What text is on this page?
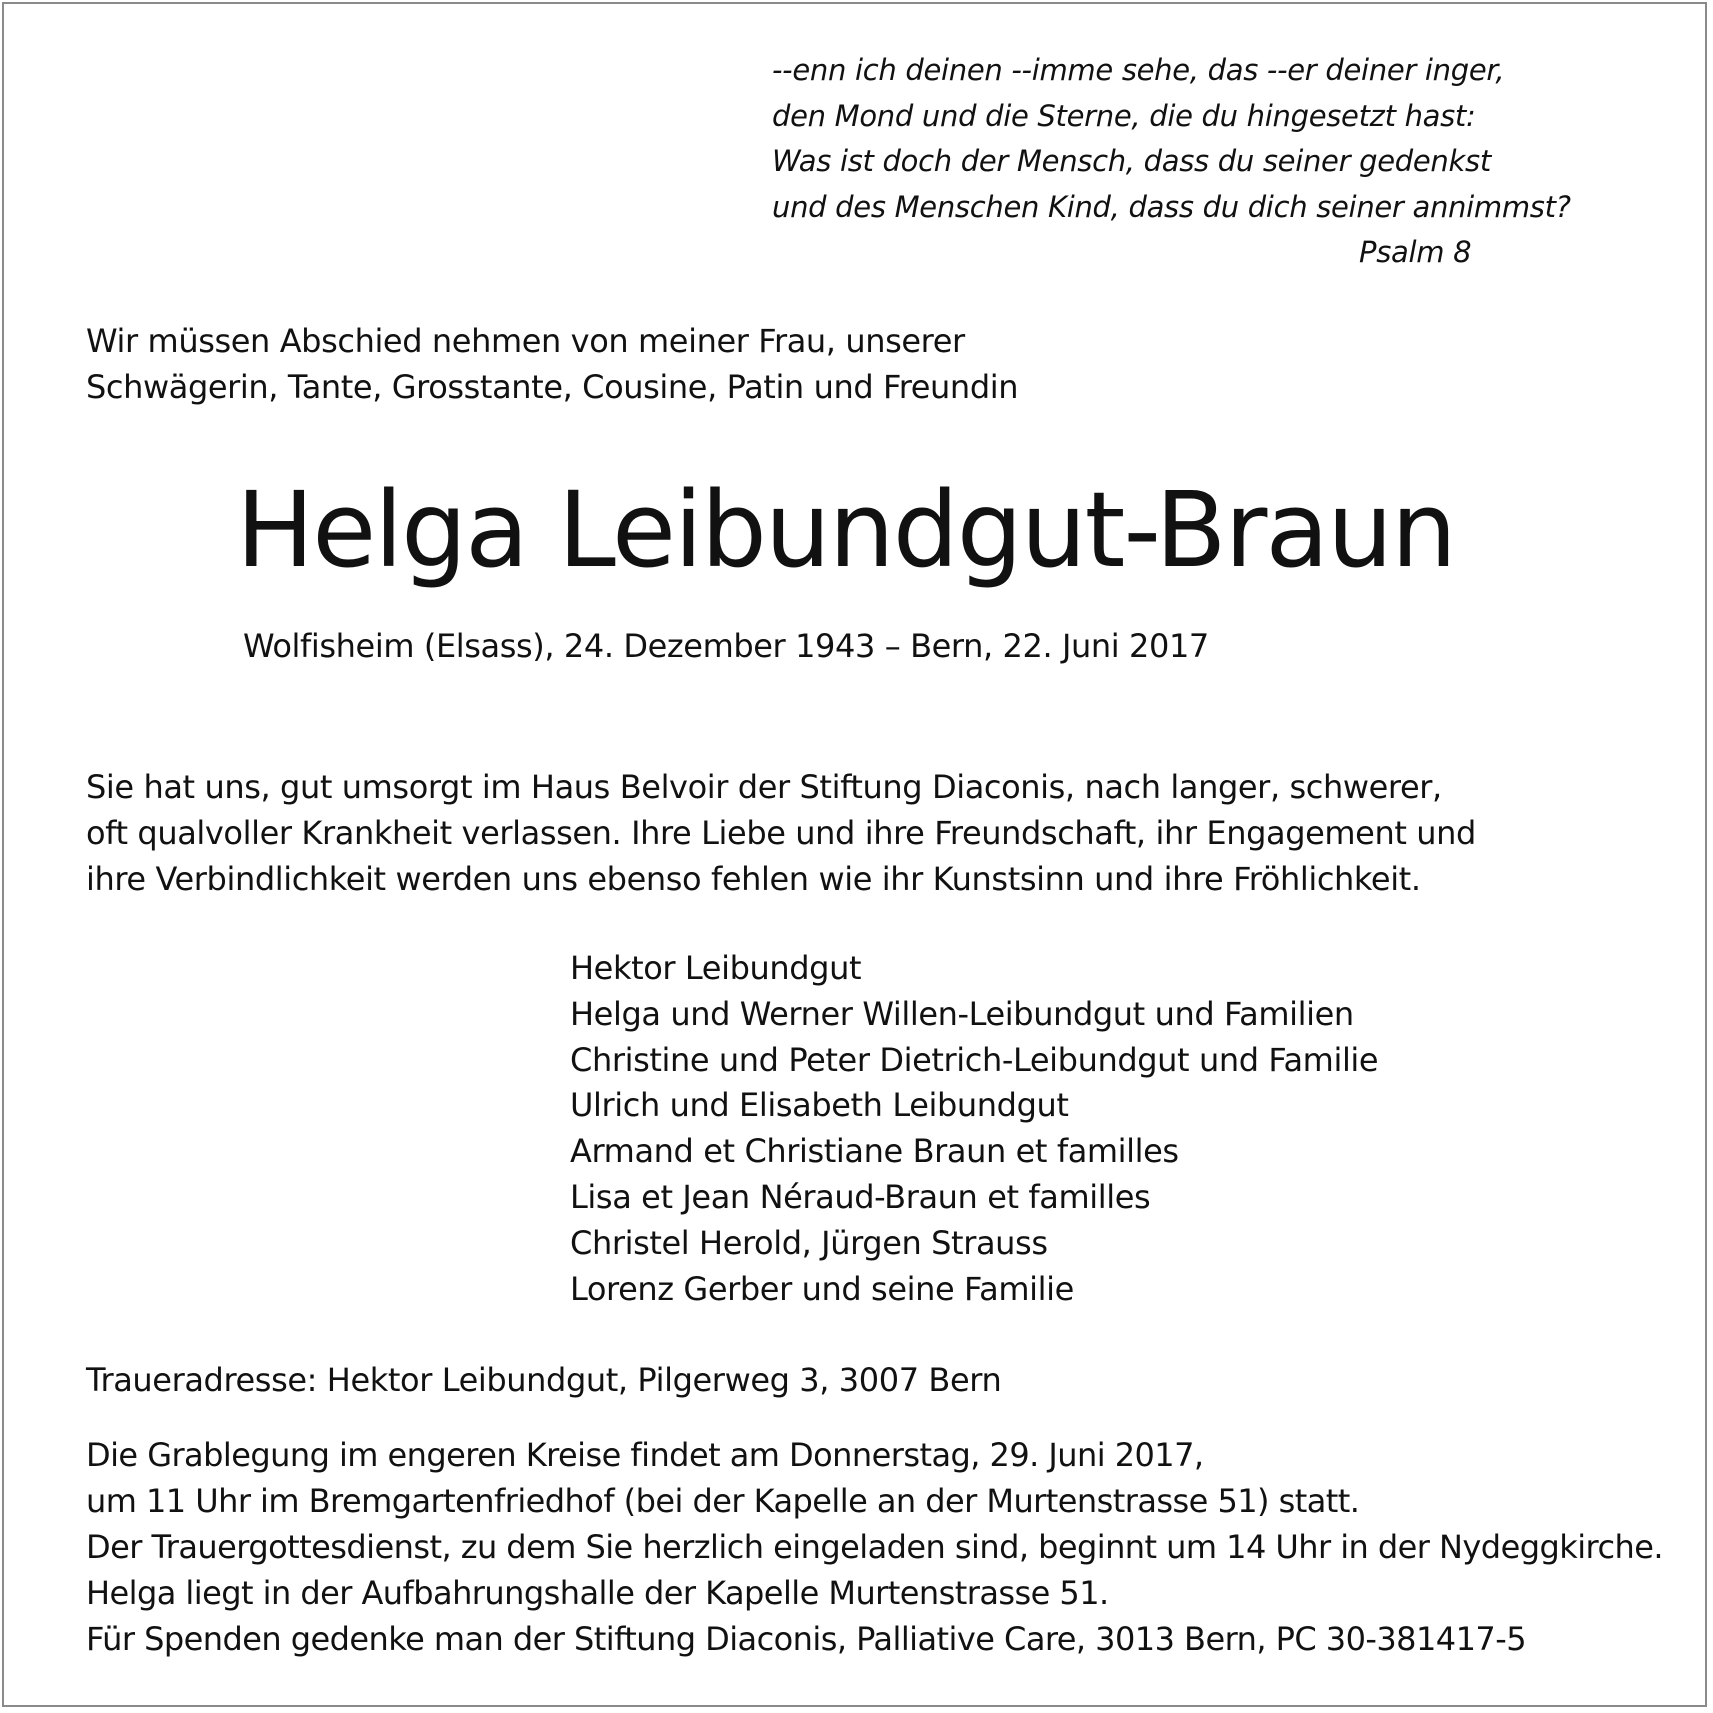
--enn ich deinen --imme sehe, das --er deiner inger,
den Mond und die Sterne, die du hingesetzt hast:
Was ist doch der Mensch, dass du seiner gedenkst
und des Menschen Kind, dass du dich seiner annimmst?
Psalm 8
Wir müssen Abschied nehmen von meiner Frau, unserer
Schwägerin, Tante, Grosstante, Cousine, Patin und Freundin
Helga Leibundgut-Braun
Wolfisheim (Elsass), 24. Dezember 1943 – Bern, 22. Juni 2017
Sie hat uns, gut umsorgt im Haus Belvoir der Stiftung Diaconis, nach langer, schwerer,
oft qualvoller Krankheit verlassen. Ihre Liebe und ihre Freundschaft, ihr Engagement und
ihre Verbindlichkeit werden uns ebenso fehlen wie ihr Kunstsinn und ihre Fröhlichkeit.
Hektor Leibundgut
Helga und Werner Willen-Leibundgut und Familien
Christine und Peter Dietrich-Leibundgut und Familie
Ulrich und Elisabeth Leibundgut
Armand et Christiane Braun et familles
Lisa et Jean Néraud-Braun et familles
Christel Herold, Jürgen Strauss
Lorenz Gerber und seine Familie
Traueradresse: Hektor Leibundgut, Pilgerweg 3, 3007 Bern
Die Grablegung im engeren Kreise findet am Donnerstag, 29. Juni 2017,
um 11 Uhr im Bremgartenfriedhof (bei der Kapelle an der Murtenstrasse 51) statt.
Der Trauergottesdienst, zu dem Sie herzlich eingeladen sind, beginnt um 14 Uhr in der Nydeggkirche.
Helga liegt in der Aufbahrungshalle der Kapelle Murtenstrasse 51.
Für Spenden gedenke man der Stiftung Diaconis, Palliative Care, 3013 Bern, PC 30-381417-5
